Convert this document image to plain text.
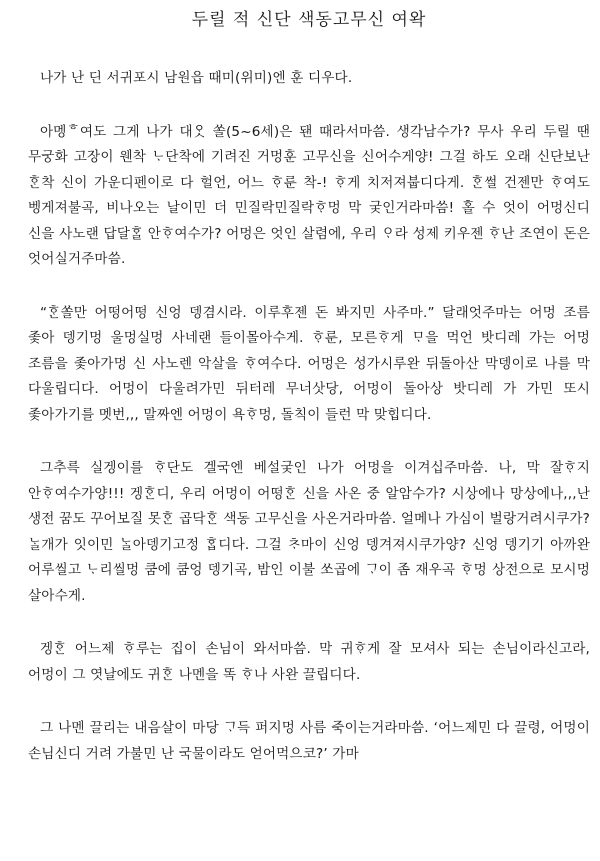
두릴 적 신단 색동고무신 여왁

나가 난 딘 서귀포시 남원읍 때미(위미)엔 훈 디우다.

아멩ᄒ여도 그게 나가 대ᄋᆞᆺ 쏠(5~6세)은 됀 때라서마씀. 생각남수가? 무사 우리 두릴 땐 무궁화 고장이 웬착 ᄂᆞ단착에 기려진 거멍훈 고무신을 신어수게양! 그걸 하도 오래 신단보난 ᄒᆞᆫ착 신이 가운디펜이로 다 헐언, 어느 ᄒᆞ룬 착-! ᄒᆞ게 치저져붑디다게. ᄒᆞᆫ썰 건젠만 ᄒᆞ여도 벵게져불곡, 비나오는 날이민 더 민질락민질락ᄒᆞ멍 막 궂인거라마씀! 홀 수 엇이 어멍신디 신을 사노랜 답달ᄒᆞᆯ 안ᄒᆞ여수가? 어멍은 엇인 살렴에, 우리 ᄋᆞ라 성제 키우젠 ᄒᆞ난 조연이 돈은 엇어실거주마씀.

“ᄒᆞᆫ쏠만 어떵어떵 신엉 뎅겸시라. 이루후젠 돈 봐지민 사주마.” 달래엇주마는 어멍 조름 좇아 뎅기멍 울멍실멍 사네랜 들이몰아수게. ᄒᆞ룬, 모른ᄒᆞ게 ᄆᆞ을 먹언 밧디레 가는 어멍 조름을 좇아가멍 신 사노렌 악살을 ᄒᆞ여수다. 어멍은 성가시루완 뒤돌아산 막뎅이로 나를 막 다울립디다. 어멍이 다울려가민 뒤터레 무너삿당, 어멍이 돌아상 밧디레 가 가민 또시 좇아가기를 멧번,,, 말짜엔 어멍이 욕ᄒᆞ멍, 돌칙이 들런 막 맞힙디다.

그추륵 실겡이를 ᄒᆞ단도 겔국엔 베설궂인 나가 어멍을 이겨십주마씀. 나, 막 잘ᄒᆞ지 안ᄒᆞ여수가양!!! 겡ᄒᆞᆫ디, 우리 어멍이 어떵ᄒᆞᆫ 신을 사온 중 알암수가? 시상에나 망상에나,,,난 생전 꿈도 꾸어보질 못ᄒᆞᆫ 곱닥ᄒᆞᆫ 색동 고무신을 사온거라마씀. 얼메나 가심이 벌랑거려시쿠가? ᄂᆞᆯ개가 잇이민 ᄂᆞᆯ아뎅기고정 ᄒᆞᆸ디다. 그걸 ᄎᆞ마이 신엉 뎅겨져시쿠가양? 신엉 뎅기기 아까완 어루씰고 ᄂᆞ리씰멍 쿰에 쿰엉 뎅기곡, 밤인 이불 쏘곱에 ᄀᆞ이 좀 재우곡 ᄒᆞ멍 상전으로 모시멍 살아수게.

겡ᄒᆞᆫ 어느제 ᄒᆞ루는 집이 손님이 와서마씀. 막 귀ᄒᆞ게 잘 모셔사 되는 손님이라신고라, 어멍이 그 엿날에도 귀ᄒᆞᆫ 나멘을 똑 ᄒᆞ나 사완 끌립디다.

그 나멘 끌리는 내음살이 마당 ᄀᆞ득 퍼지멍 사름 죽이는거라마씀. ‘어느제민 다 끌령, 어멍이 손님신디 거려 가불민 난 국물이라도 얻어먹으코?’ 가마
